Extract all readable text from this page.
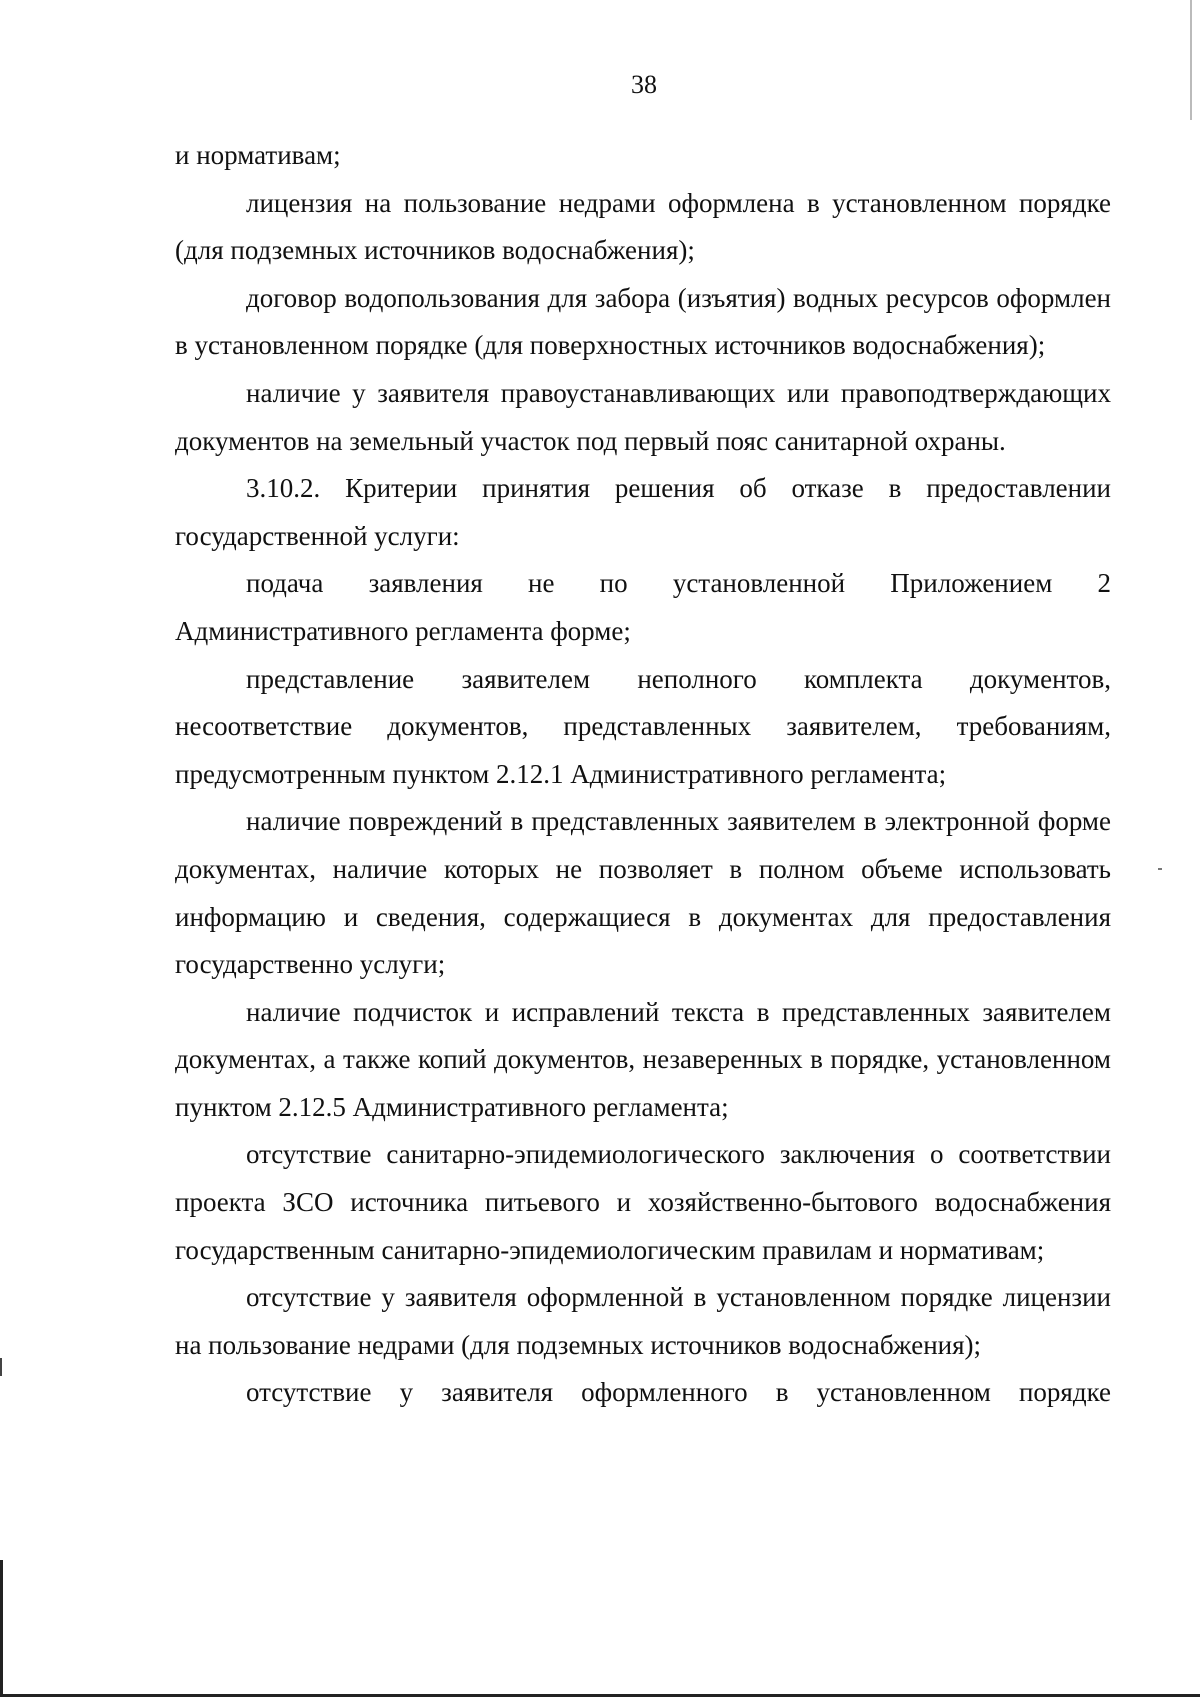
38

и нормативам;

лицензия на пользование недрами оформлена в установленном порядке (для подземных источников водоснабжения);

договор водопользования для забора (изъятия) водных ресурсов оформлен в установленном порядке (для поверхностных источников водоснабжения);

наличие у заявителя правоустанавливающих или правоподтверждающих документов на земельный участок под первый пояс санитарной охраны.

3.10.2. Критерии принятия решения об отказе в предоставлении государственной услуги:

подача заявления не по установленной Приложением 2 Административного регламента форме;

представление заявителем неполного комплекта документов, несоответствие документов, представленных заявителем, требованиям, предусмотренным пунктом 2.12.1 Административного регламента;

наличие повреждений в представленных заявителем в электронной форме документах, наличие которых не позволяет в полном объеме использовать информацию и сведения, содержащиеся в документах для предоставления государственно услуги;

наличие подчисток и исправлений текста в представленных заявителем документах, а также копий документов, незаверенных в порядке, установленном пунктом 2.12.5 Административного регламента;

отсутствие санитарно-эпидемиологического заключения о соответствии проекта ЗСО источника питьевого и хозяйственно-бытового водоснабжения государственным санитарно-эпидемиологическим правилам и нормативам;

отсутствие у заявителя оформленной в установленном порядке лицензии на пользование недрами (для подземных источников водоснабжения);

отсутствие у заявителя оформленного в установленном порядке
